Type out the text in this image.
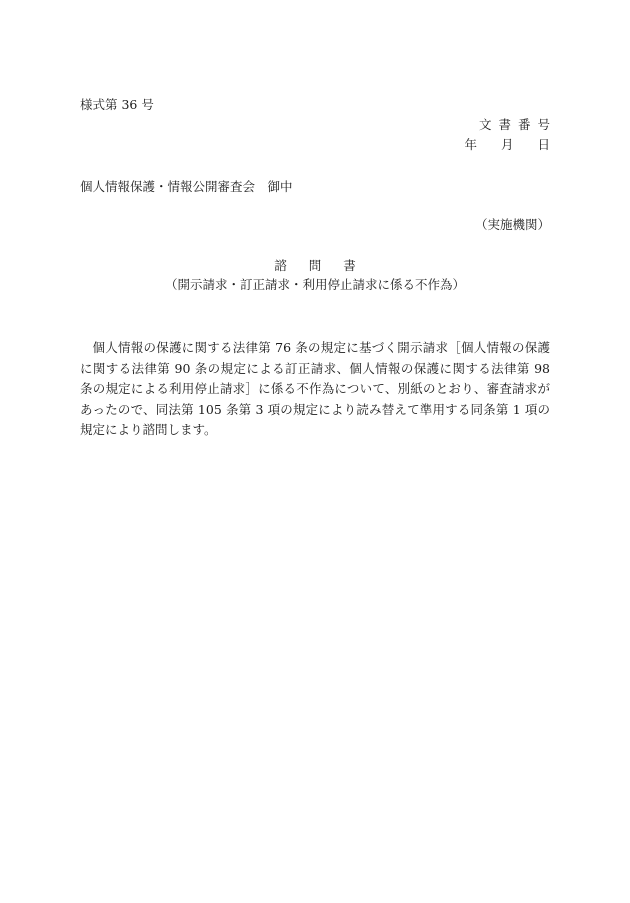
様式第 36 号
文書番号
年 月 日
個人情報保護・情報公開審査会　御中
（実施機関）
諮問書
（開示請求・訂正請求・利用停止請求に係る不作為）

個人情報の保護に関する法律第 76 条の規定に基づく開示請求［個人情報の保護に関する法律第 90 条の規定による訂正請求、個人情報の保護に関する法律第 98 条の規定による利用停止請求］に係る不作為について、別紙のとおり、審査請求があったので、同法第 105 条第 3 項の規定により読み替えて準用する同条第 1 項の規定により諮問します。
